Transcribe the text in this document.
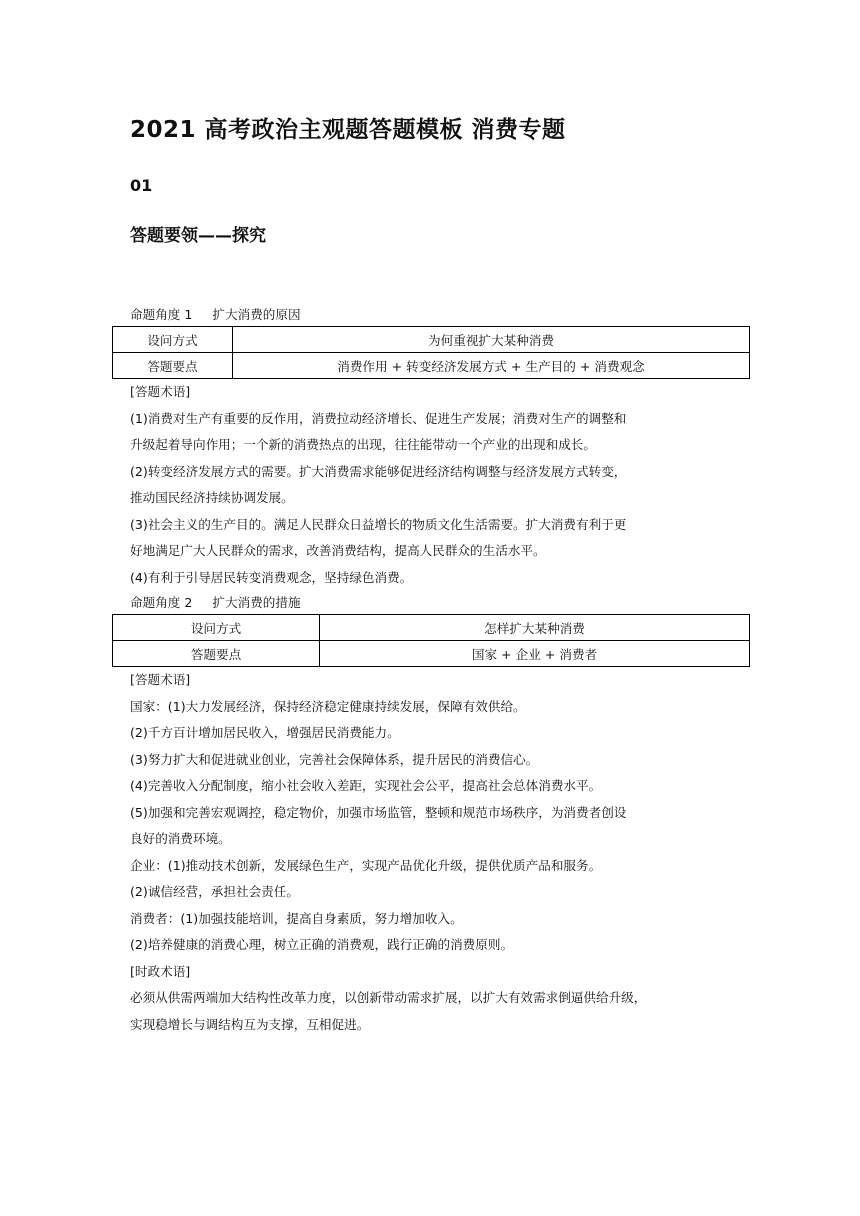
2021 高考政治主观题答题模板 消费专题
01
答题要领——探究
命题角度 1 扩大消费的原因
设问方式	为何重视扩大某种消费
答题要点	消费作用 + 转变经济发展方式 + 生产目的 + 消费观念
[答题术语]
(1)消费对生产有重要的反作用，消费拉动经济增长、促进生产发展；消费对生产的调整和
升级起着导向作用；一个新的消费热点的出现，往往能带动一个产业的出现和成长。
(2)转变经济发展方式的需要。扩大消费需求能够促进经济结构调整与经济发展方式转变，
推动国民经济持续协调发展。
(3)社会主义的生产目的。满足人民群众日益增长的物质文化生活需要。扩大消费有利于更
好地满足广大人民群众的需求，改善消费结构，提高人民群众的生活水平。
(4)有利于引导居民转变消费观念，坚持绿色消费。
命题角度 2 扩大消费的措施
设问方式	怎样扩大某种消费
答题要点	国家 + 企业 + 消费者
[答题术语]
国家：(1)大力发展经济，保持经济稳定健康持续发展，保障有效供给。
(2)千方百计增加居民收入，增强居民消费能力。
(3)努力扩大和促进就业创业，完善社会保障体系，提升居民的消费信心。
(4)完善收入分配制度，缩小社会收入差距，实现社会公平，提高社会总体消费水平。
(5)加强和完善宏观调控，稳定物价，加强市场监管，整顿和规范市场秩序，为消费者创设
良好的消费环境。
企业：(1)推动技术创新，发展绿色生产，实现产品优化升级，提供优质产品和服务。
(2)诚信经营，承担社会责任。
消费者：(1)加强技能培训，提高自身素质，努力增加收入。
(2)培养健康的消费心理，树立正确的消费观，践行正确的消费原则。
[时政术语]
必须从供需两端加大结构性改革力度，以创新带动需求扩展，以扩大有效需求倒逼供给升级，
实现稳增长与调结构互为支撑，互相促进。
